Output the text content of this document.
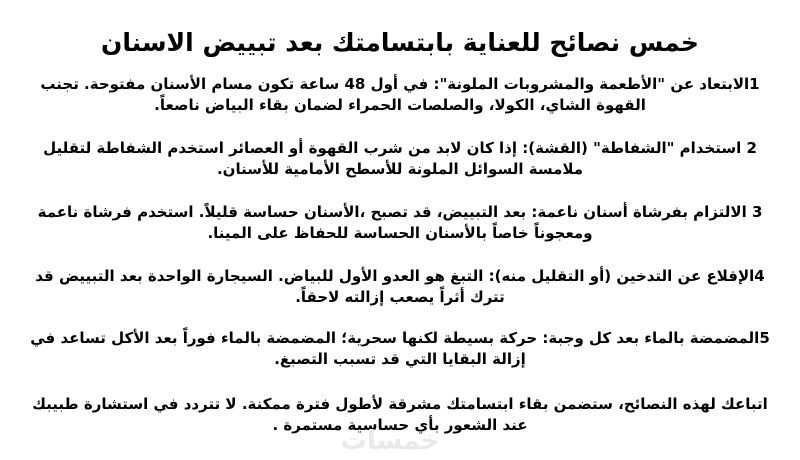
خمس نصائح للعناية بابتسامتك بعد تبييض الاسنان

1الابتعاد عن "الأطعمة والمشروبات الملونة": في أول 48 ساعة تكون مسام الأسنان مفتوحة. تجنب القهوة الشاي، الكولا، والصلصات الحمراء لضمان بقاء البياض ناصعاً.

2 استخدام "الشفاطة" (القشة): إذا كان لابد من شرب القهوة أو العصائر استخدم الشفاطة لتقليل ملامسة السوائل الملونة للأسطح الأمامية للأسنان.

3 الالتزام بفرشاة أسنان ناعمة: بعد التبييض، قد تصبح ،الأسنان حساسة قليلاً. استخدم فرشاة ناعمة ومعجوناً خاصاً بالأسنان الحساسة للحفاظ على المينا.

4الإقلاع عن التدخين (أو التقليل منه): التبغ هو العدو الأول للبياض. السيجارة الواحدة بعد التبييض قد تترك أثراً يصعب إزالته لاحقاً.

5المضمضة بالماء بعد كل وجبة: حركة بسيطة لكنها سحرية؛ المضمضة بالماء فوراً بعد الأكل تساعد في إزالة البقايا التي قد تسبب التصبغ.

اتباعك لهذه النصائح، ستضمن بقاء ابتسامتك مشرقة لأطول فترة ممكنة. لا تتردد في استشارة طبيبك عند الشعور بأي حساسية مستمرة .

خمسات
